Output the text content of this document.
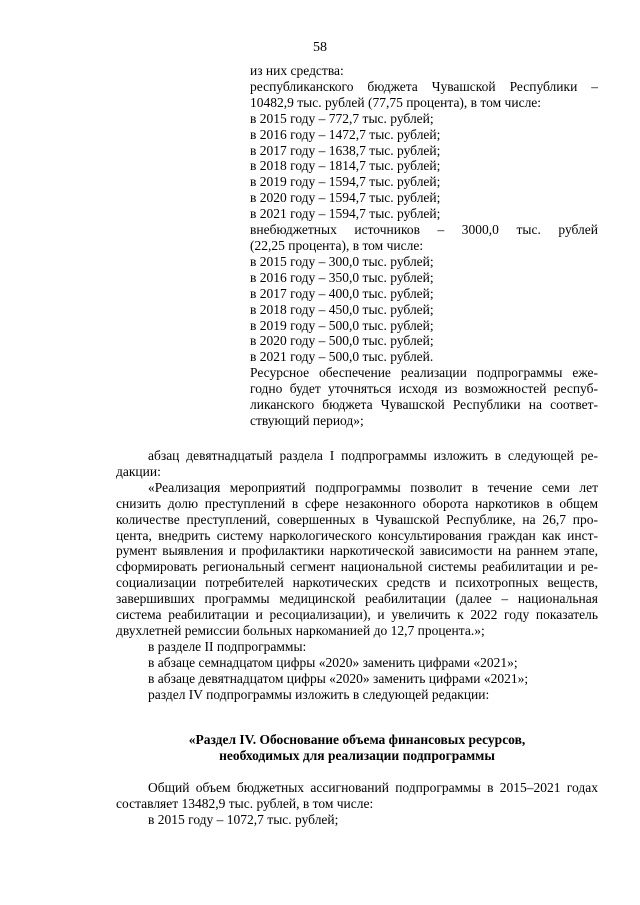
58
из них средства:
республиканского бюджета Чувашской Республики –
10482,9 тыс. рублей (77,75 процента), в том числе:
в 2015 году – 772,7 тыс. рублей;
в 2016 году – 1472,7 тыс. рублей;
в 2017 году – 1638,7 тыс. рублей;
в 2018 году – 1814,7 тыс. рублей;
в 2019 году – 1594,7 тыс. рублей;
в 2020 году – 1594,7 тыс. рублей;
в 2021 году – 1594,7 тыс. рублей;
внебюджетных источников – 3000,0 тыс. рублей
(22,25 процента), в том числе:
в 2015 году – 300,0 тыс. рублей;
в 2016 году – 350,0 тыс. рублей;
в 2017 году – 400,0 тыс. рублей;
в 2018 году – 450,0 тыс. рублей;
в 2019 году – 500,0 тыс. рублей;
в 2020 году – 500,0 тыс. рублей;
в 2021 году – 500,0 тыс. рублей.
Ресурсное обеспечение реализации подпрограммы еже-
годно будет уточняться исходя из возможностей респуб-
ликанского бюджета Чувашской Республики на соответ-
ствующий период»;
абзац девятнадцатый раздела I подпрограммы изложить в следующей ре-
дакции:
«Реализация мероприятий подпрограммы позволит в течение семи лет
снизить долю преступлений в сфере незаконного оборота наркотиков в общем
количестве преступлений, совершенных в Чувашской Республике, на 26,7 про-
цента, внедрить систему наркологического консультирования граждан как инст-
румент выявления и профилактики наркотической зависимости на раннем этапе,
сформировать региональный сегмент национальной системы реабилитации и ре-
социализации потребителей наркотических средств и психотропных веществ,
завершивших программы медицинской реабилитации (далее – национальная
система реабилитации и ресоциализации), и увеличить к 2022 году показатель
двухлетней ремиссии больных наркоманией до 12,7 процента.»;
в разделе II подпрограммы:
в абзаце семнадцатом цифры «2020» заменить цифрами «2021»;
в абзаце девятнадцатом цифры «2020» заменить цифрами «2021»;
раздел IV подпрограммы изложить в следующей редакции:
«Раздел IV. Обоснование объема финансовых ресурсов,
необходимых для реализации подпрограммы
Общий объем бюджетных ассигнований подпрограммы в 2015–2021 годах
составляет 13482,9 тыс. рублей, в том числе:
в 2015 году – 1072,7 тыс. рублей;
